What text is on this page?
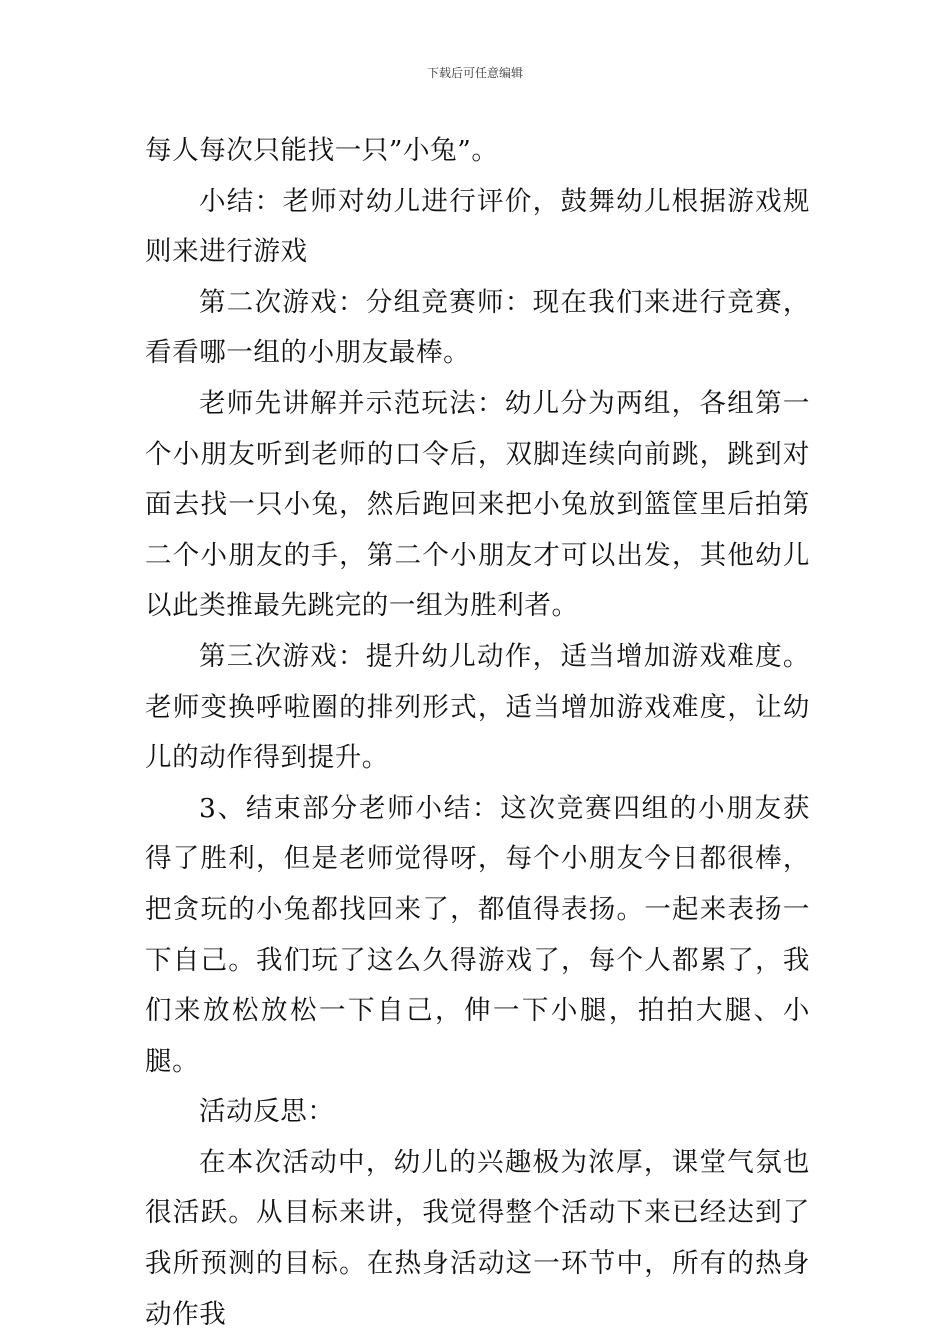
下载后可任意编辑

每人每次只能找一只”小兔”。

小结：老师对幼儿进行评价，鼓舞幼儿根据游戏规则来进行游戏

第二次游戏：分组竞赛师：现在我们来进行竞赛，看看哪一组的小朋友最棒。

老师先讲解并示范玩法：幼儿分为两组，各组第一个小朋友听到老师的口令后，双脚连续向前跳，跳到对面去找一只小兔，然后跑回来把小兔放到篮筐里后拍第二个小朋友的手，第二个小朋友才可以出发，其他幼儿以此类推最先跳完的一组为胜利者。

第三次游戏：提升幼儿动作，适当增加游戏难度。老师变换呼啦圈的排列形式，适当增加游戏难度，让幼儿的动作得到提升。

3、结束部分老师小结：这次竞赛四组的小朋友获得了胜利，但是老师觉得呀，每个小朋友今日都很棒，把贪玩的小兔都找回来了，都值得表扬。一起来表扬一下自己。我们玩了这么久得游戏了，每个人都累了，我们来放松放松一下自己，伸一下小腿，拍拍大腿、小腿。

活动反思：

在本次活动中，幼儿的兴趣极为浓厚，课堂气氛也很活跃。从目标来讲，我觉得整个活动下来已经达到了我所预测的目标。在热身活动这一环节中，所有的热身动作我
